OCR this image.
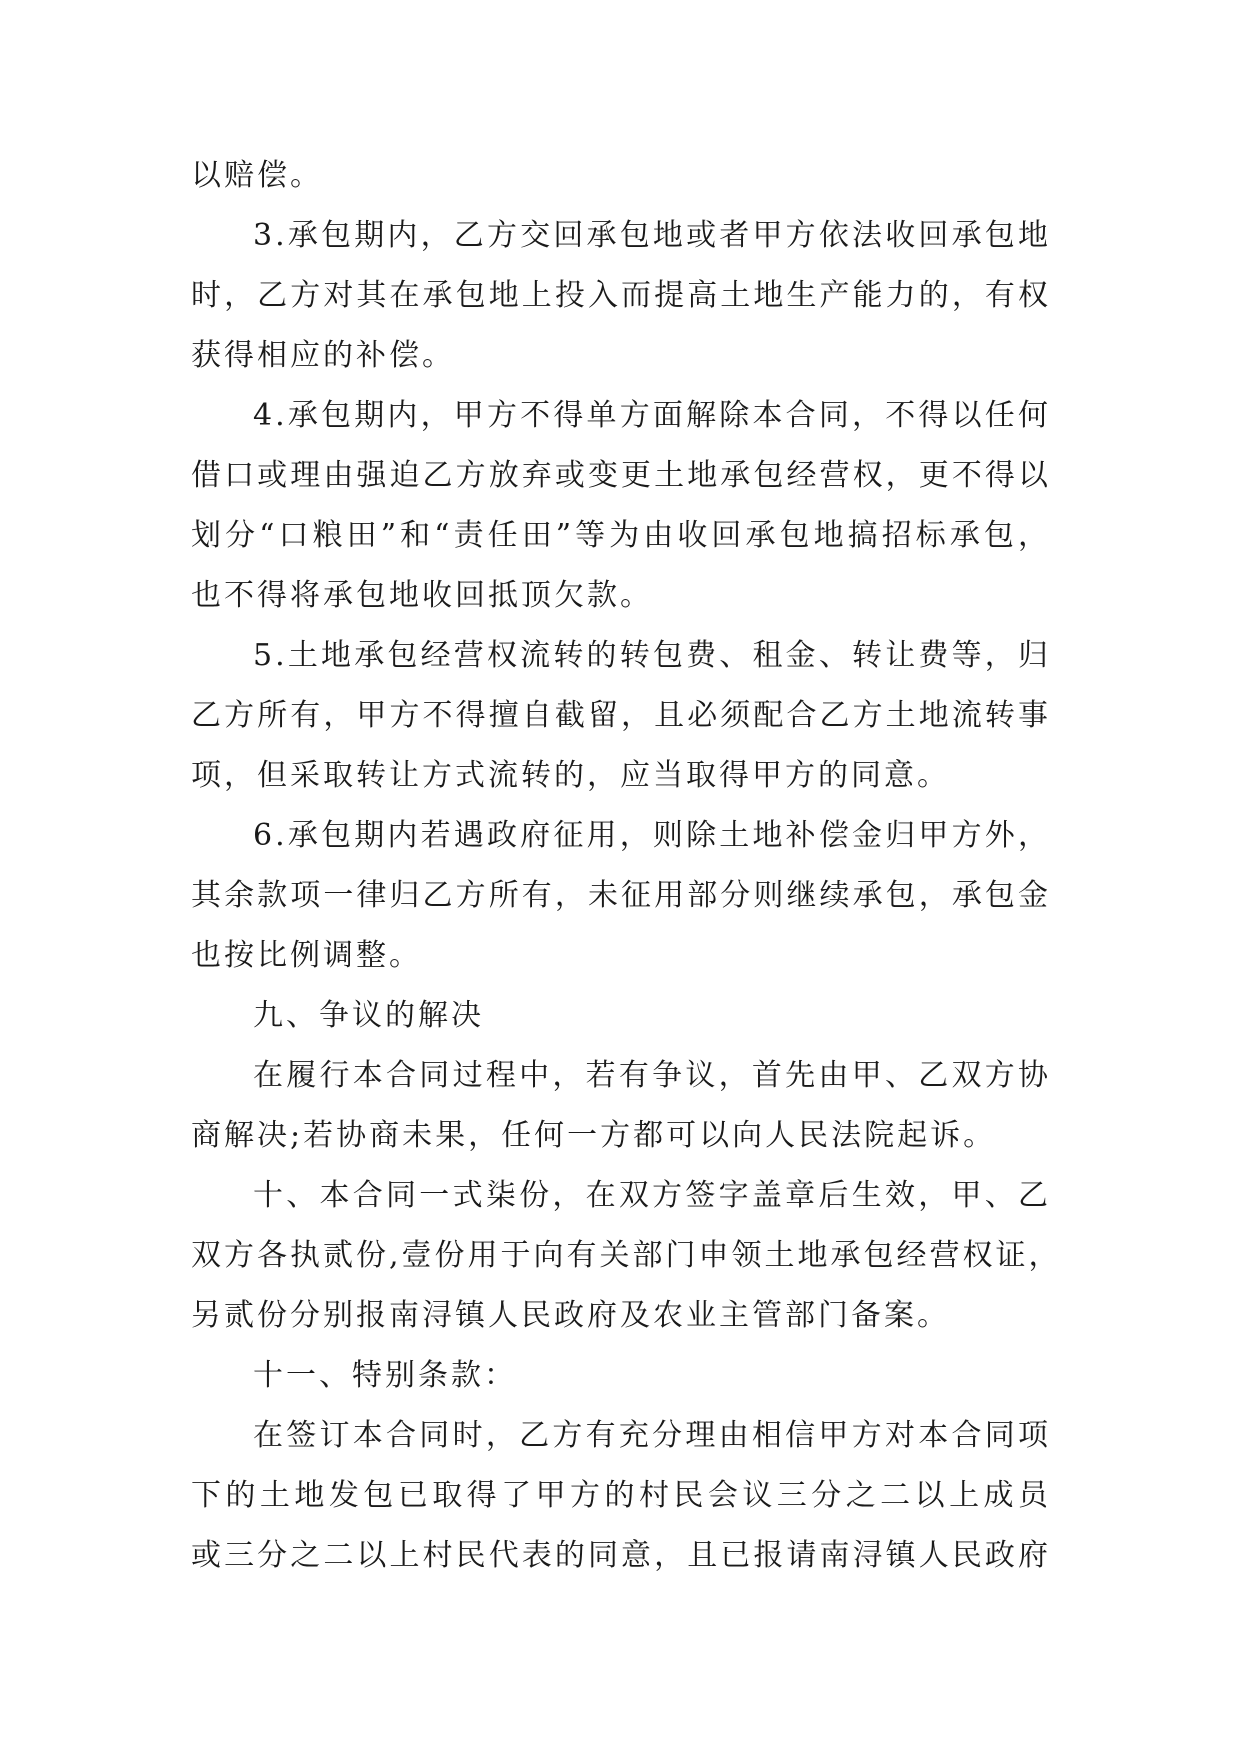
以赔偿。
3.承包期内，乙方交回承包地或者甲方依法收回承包地
时，乙方对其在承包地上投入而提高土地生产能力的，有权
获得相应的补偿。
4.承包期内，甲方不得单方面解除本合同，不得以任何
借口或理由强迫乙方放弃或变更土地承包经营权，更不得以
划分“口粮田”和“责任田”等为由收回承包地搞招标承包，
也不得将承包地收回抵顶欠款。
5.土地承包经营权流转的转包费、租金、转让费等，归
乙方所有，甲方不得擅自截留，且必须配合乙方土地流转事
项，但采取转让方式流转的，应当取得甲方的同意。
6.承包期内若遇政府征用，则除土地补偿金归甲方外，
其余款项一律归乙方所有，未征用部分则继续承包，承包金
也按比例调整。
九、争议的解决
在履行本合同过程中，若有争议，首先由甲、乙双方协
商解决;若协商未果，任何一方都可以向人民法院起诉。
十、本合同一式柒份，在双方签字盖章后生效，甲、乙
双方各执贰份,壹份用于向有关部门申领土地承包经营权证，
另贰份分别报南浔镇人民政府及农业主管部门备案。
十一、特别条款：
在签订本合同时，乙方有充分理由相信甲方对本合同项
下的土地发包已取得了甲方的村民会议三分之二以上成员
或三分之二以上村民代表的同意，且已报请南浔镇人民政府
